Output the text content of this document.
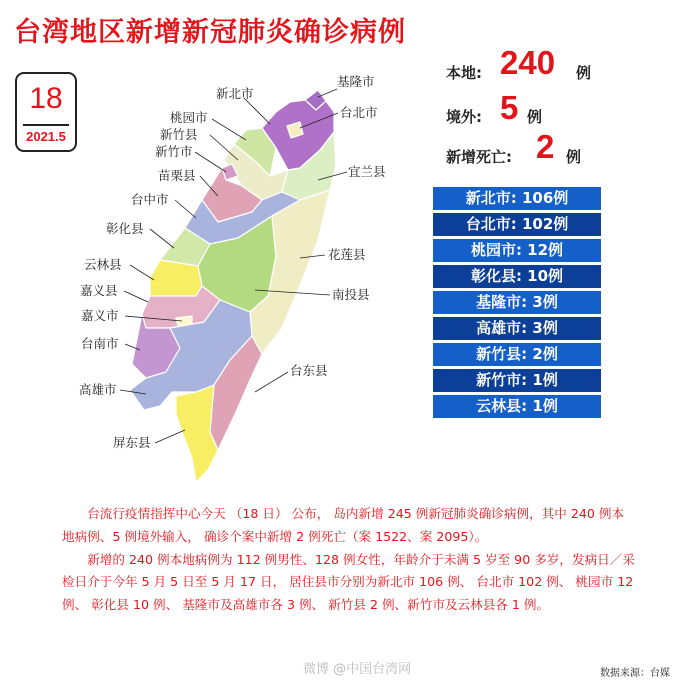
台湾地区新增新冠肺炎确诊病例
18
2021.5
基隆市
新北市
台北市
桃园市
新竹县
新竹市
宜兰县
苗栗县
台中市
彰化县
花莲县
云林县
南投县
嘉义县
嘉义市
台南市
台东县
高雄市
屏东县
本地: 240 例
境外: 5 例
新增死亡: 2 例
新北市: 106例
台北市: 102例
桃园市: 12例
彰化县: 10例
基隆市: 3例
高雄市: 3例
新竹县: 2例
新竹市: 1例
云林县: 1例

台流行疫情指挥中心今天 （18 日） 公布， 岛内新增 245 例新冠肺炎确诊病例，其中 240 例本地病例、5 例境外输入， 确诊个案中新增 2 例死亡（案 1522、案 2095）。

新增的 240 例本地病例为 112 例男性、128 例女性，年龄介于未满 5 岁至 90 多岁，发病日／采检日介于今年 5 月 5 日至 5 月 17 日， 居住县市分别为新北市 106 例、 台北市 102 例、 桃园市 12 例、 彰化县 10 例、 基隆市及高雄市各 3 例、 新竹县 2 例、新竹市及云林县各 1 例。

微博 @中国台湾网	数据来源：台媒
